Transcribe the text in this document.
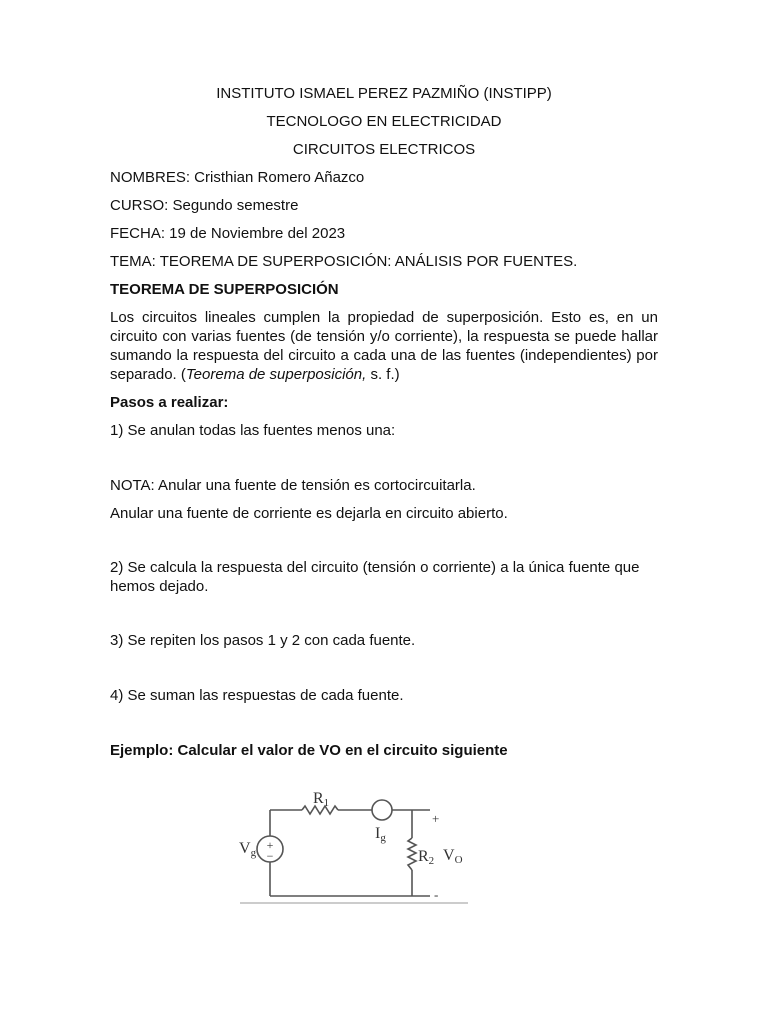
INSTITUTO ISMAEL PEREZ PAZMIÑO (INSTIPP)

TECNOLOGO EN ELECTRICIDAD

CIRCUITOS ELECTRICOS

NOMBRES: Cristhian Romero Añazco

CURSO: Segundo semestre

FECHA: 19 de Noviembre del 2023

TEMA: TEOREMA DE SUPERPOSICIÓN: ANÁLISIS POR FUENTES.

TEOREMA DE SUPERPOSICIÓN

Los circuitos lineales cumplen la propiedad de superposición. Esto es, en un circuito con varias fuentes (de tensión y/o corriente), la respuesta se puede hallar sumando la respuesta del circuito a cada una de las fuentes (independientes) por separado. (Teorema de superposición, s. f.)

Pasos a realizar:

1) Se anulan todas las fuentes menos una:

NOTA: Anular una fuente de tensión es cortocircuitarla.

Anular una fuente de corriente es dejarla en circuito abierto.

2) Se calcula la respuesta del circuito (tensión o corriente) a la única fuente que hemos dejado.

3) Se repiten los pasos 1 y 2 con cada fuente.

4) Se suman las respuestas de cada fuente.

Ejemplo: Calcular el valor de VO en el circuito siguiente

+
−
R1
Ig
Vg	R2 VO
+
-
